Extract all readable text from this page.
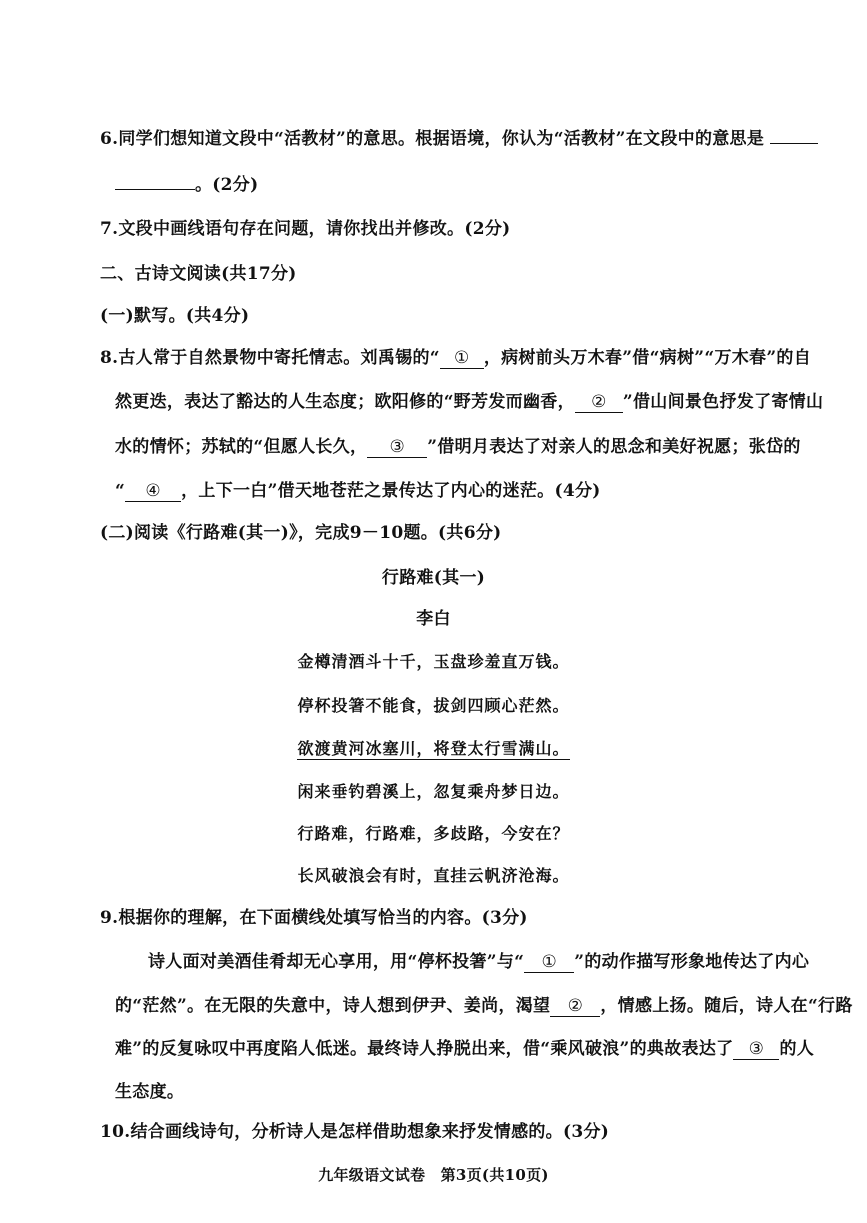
6.同学们想知道文段中“活教材”的意思。根据语境，你认为“活教材”在文段中的意思是
。(2分)
7.文段中画线语句存在问题，请你找出并修改。(2分)
二、古诗文阅读(共17分)
(一)默写。(共4分)
8.古人常于自然景物中寄托情志。刘禹锡的“ ① ，病树前头万木春”借“病树”“万木春”的自
然更迭，表达了豁达的人生态度；欧阳修的“野芳发而幽香， ② ”借山间景色抒发了寄情山
水的情怀；苏轼的“但愿人长久， ③ ”借明月表达了对亲人的思念和美好祝愿；张岱的
“ ④ ，上下一白”借天地苍茫之景传达了内心的迷茫。(4分)
(二)阅读《行路难(其一)》，完成9－10题。(共6分)
行路难(其一)
李白
金樽清酒斗十千，玉盘珍羞直万钱。
停杯投箸不能食，拔剑四顾心茫然。
欲渡黄河冰塞川，将登太行雪满山。
闲来垂钓碧溪上，忽复乘舟梦日边。
行路难，行路难，多歧路，今安在？
长风破浪会有时，直挂云帆济沧海。
9.根据你的理解，在下面横线处填写恰当的内容。(3分)
诗人面对美酒佳肴却无心享用，用“停杯投箸”与“ ① ”的动作描写形象地传达了内心
的“茫然”。在无限的失意中，诗人想到伊尹、姜尚，渴望 ② ，情感上扬。随后，诗人在“行路
难”的反复咏叹中再度陷人低迷。最终诗人挣脱出来，借“乘风破浪”的典故表达了 ③ 的人
生态度。
10.结合画线诗句，分析诗人是怎样借助想象来抒发情感的。(3分)
九年级语文试卷　第3页(共10页)
